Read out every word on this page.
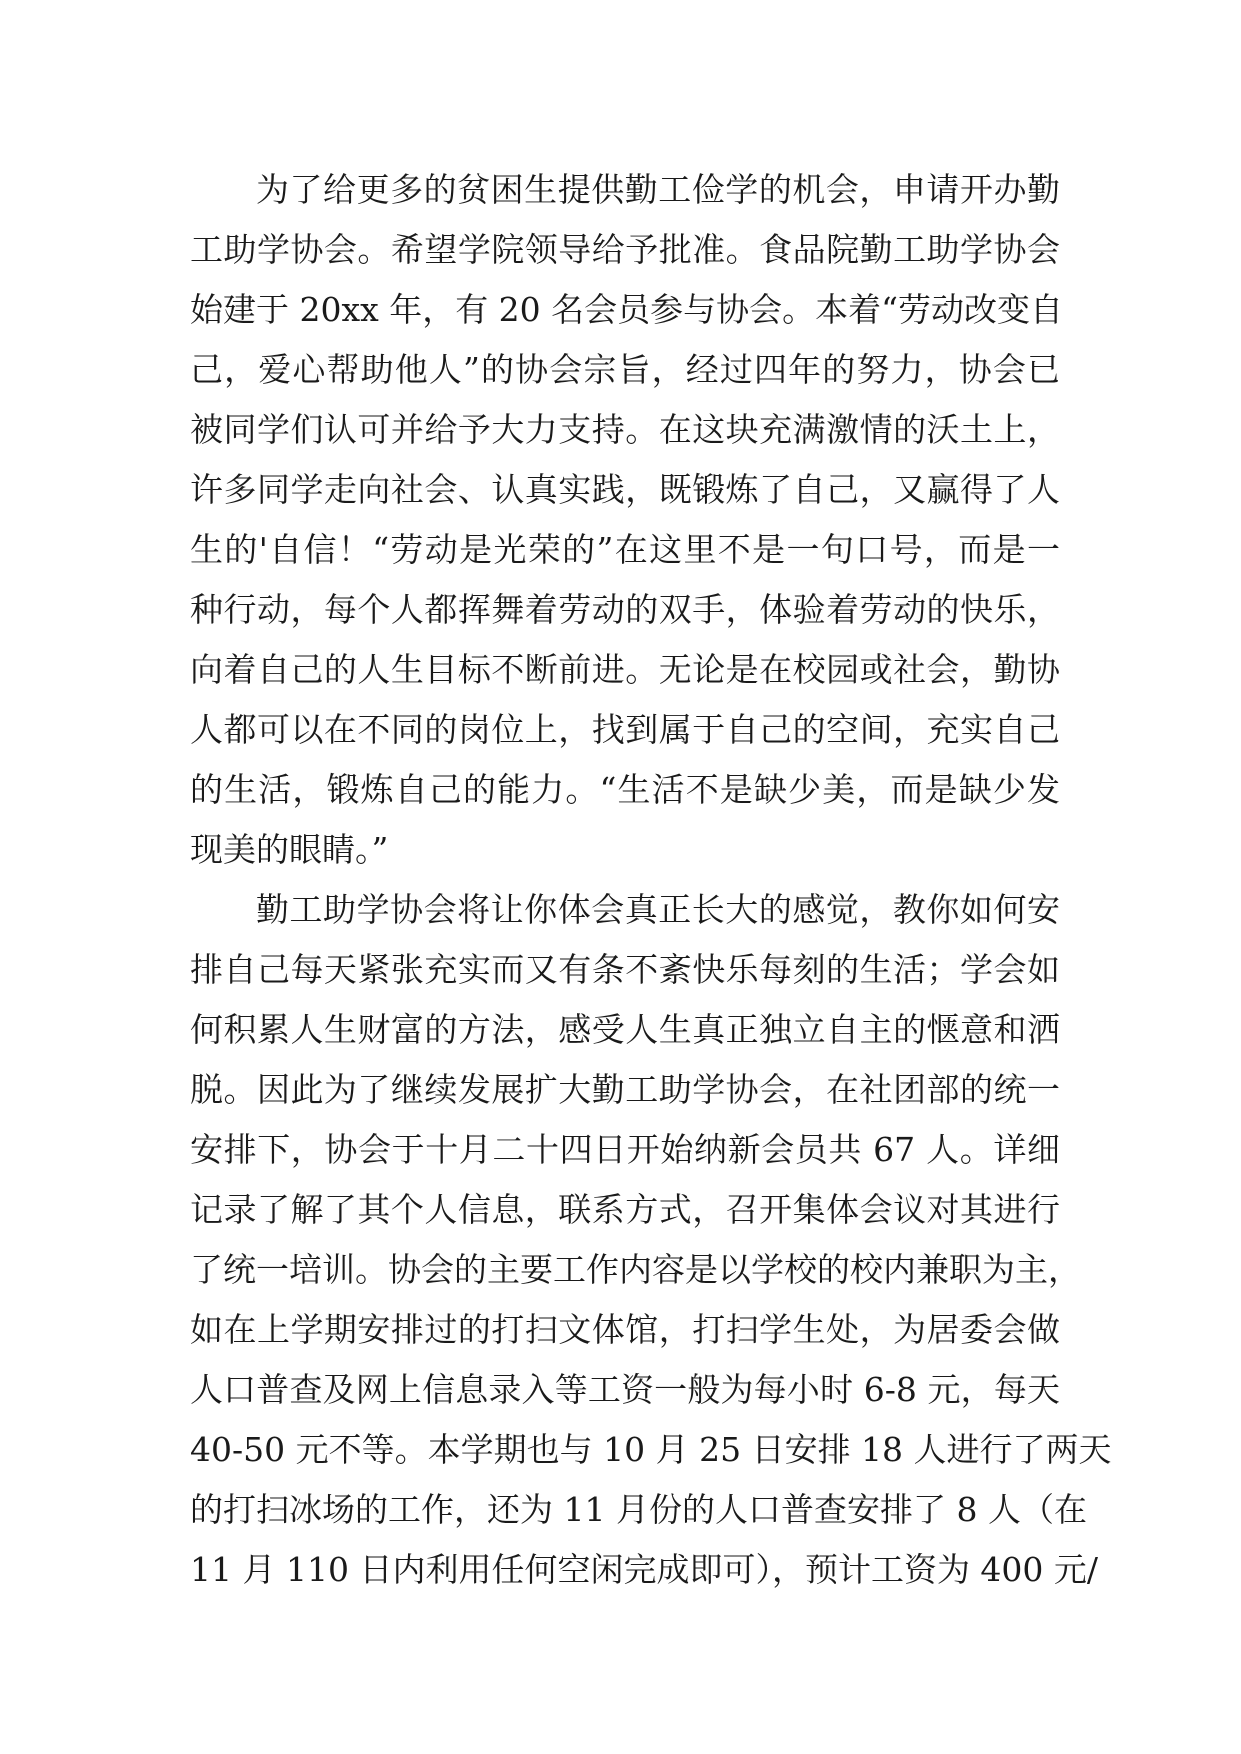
为了给更多的贫困生提供勤工俭学的机会，申请开办勤
工助学协会。希望学院领导给予批准。食品院勤工助学协会
始建于 20xx 年，有 20 名会员参与协会。本着“劳动改变自
己，爱心帮助他人”的协会宗旨，经过四年的努力，协会已
被同学们认可并给予大力支持。在这块充满激情的沃土上，
许多同学走向社会、认真实践，既锻炼了自己，又赢得了人
生的'自信！“劳动是光荣的”在这里不是一句口号，而是一
种行动，每个人都挥舞着劳动的双手，体验着劳动的快乐，
向着自己的人生目标不断前进。无论是在校园或社会，勤协
人都可以在不同的岗位上，找到属于自己的空间，充实自己
的生活，锻炼自己的能力。“生活不是缺少美，而是缺少发
现美的眼睛。”
勤工助学协会将让你体会真正长大的感觉，教你如何安
排自己每天紧张充实而又有条不紊快乐每刻的生活；学会如
何积累人生财富的方法，感受人生真正独立自主的惬意和洒
脱。因此为了继续发展扩大勤工助学协会，在社团部的统一
安排下，协会于十月二十四日开始纳新会员共 67 人。详细
记录了解了其个人信息，联系方式，召开集体会议对其进行
了统一培训。协会的主要工作内容是以学校的校内兼职为主，
如在上学期安排过的打扫文体馆，打扫学生处，为居委会做
人口普查及网上信息录入等工资一般为每小时 6-8 元，每天
40-50 元不等。本学期也与 10 月 25 日安排 18 人进行了两天
的打扫冰场的工作，还为 11 月份的人口普查安排了 8 人（在
11 月 110 日内利用任何空闲完成即可），预计工资为 400 元/
